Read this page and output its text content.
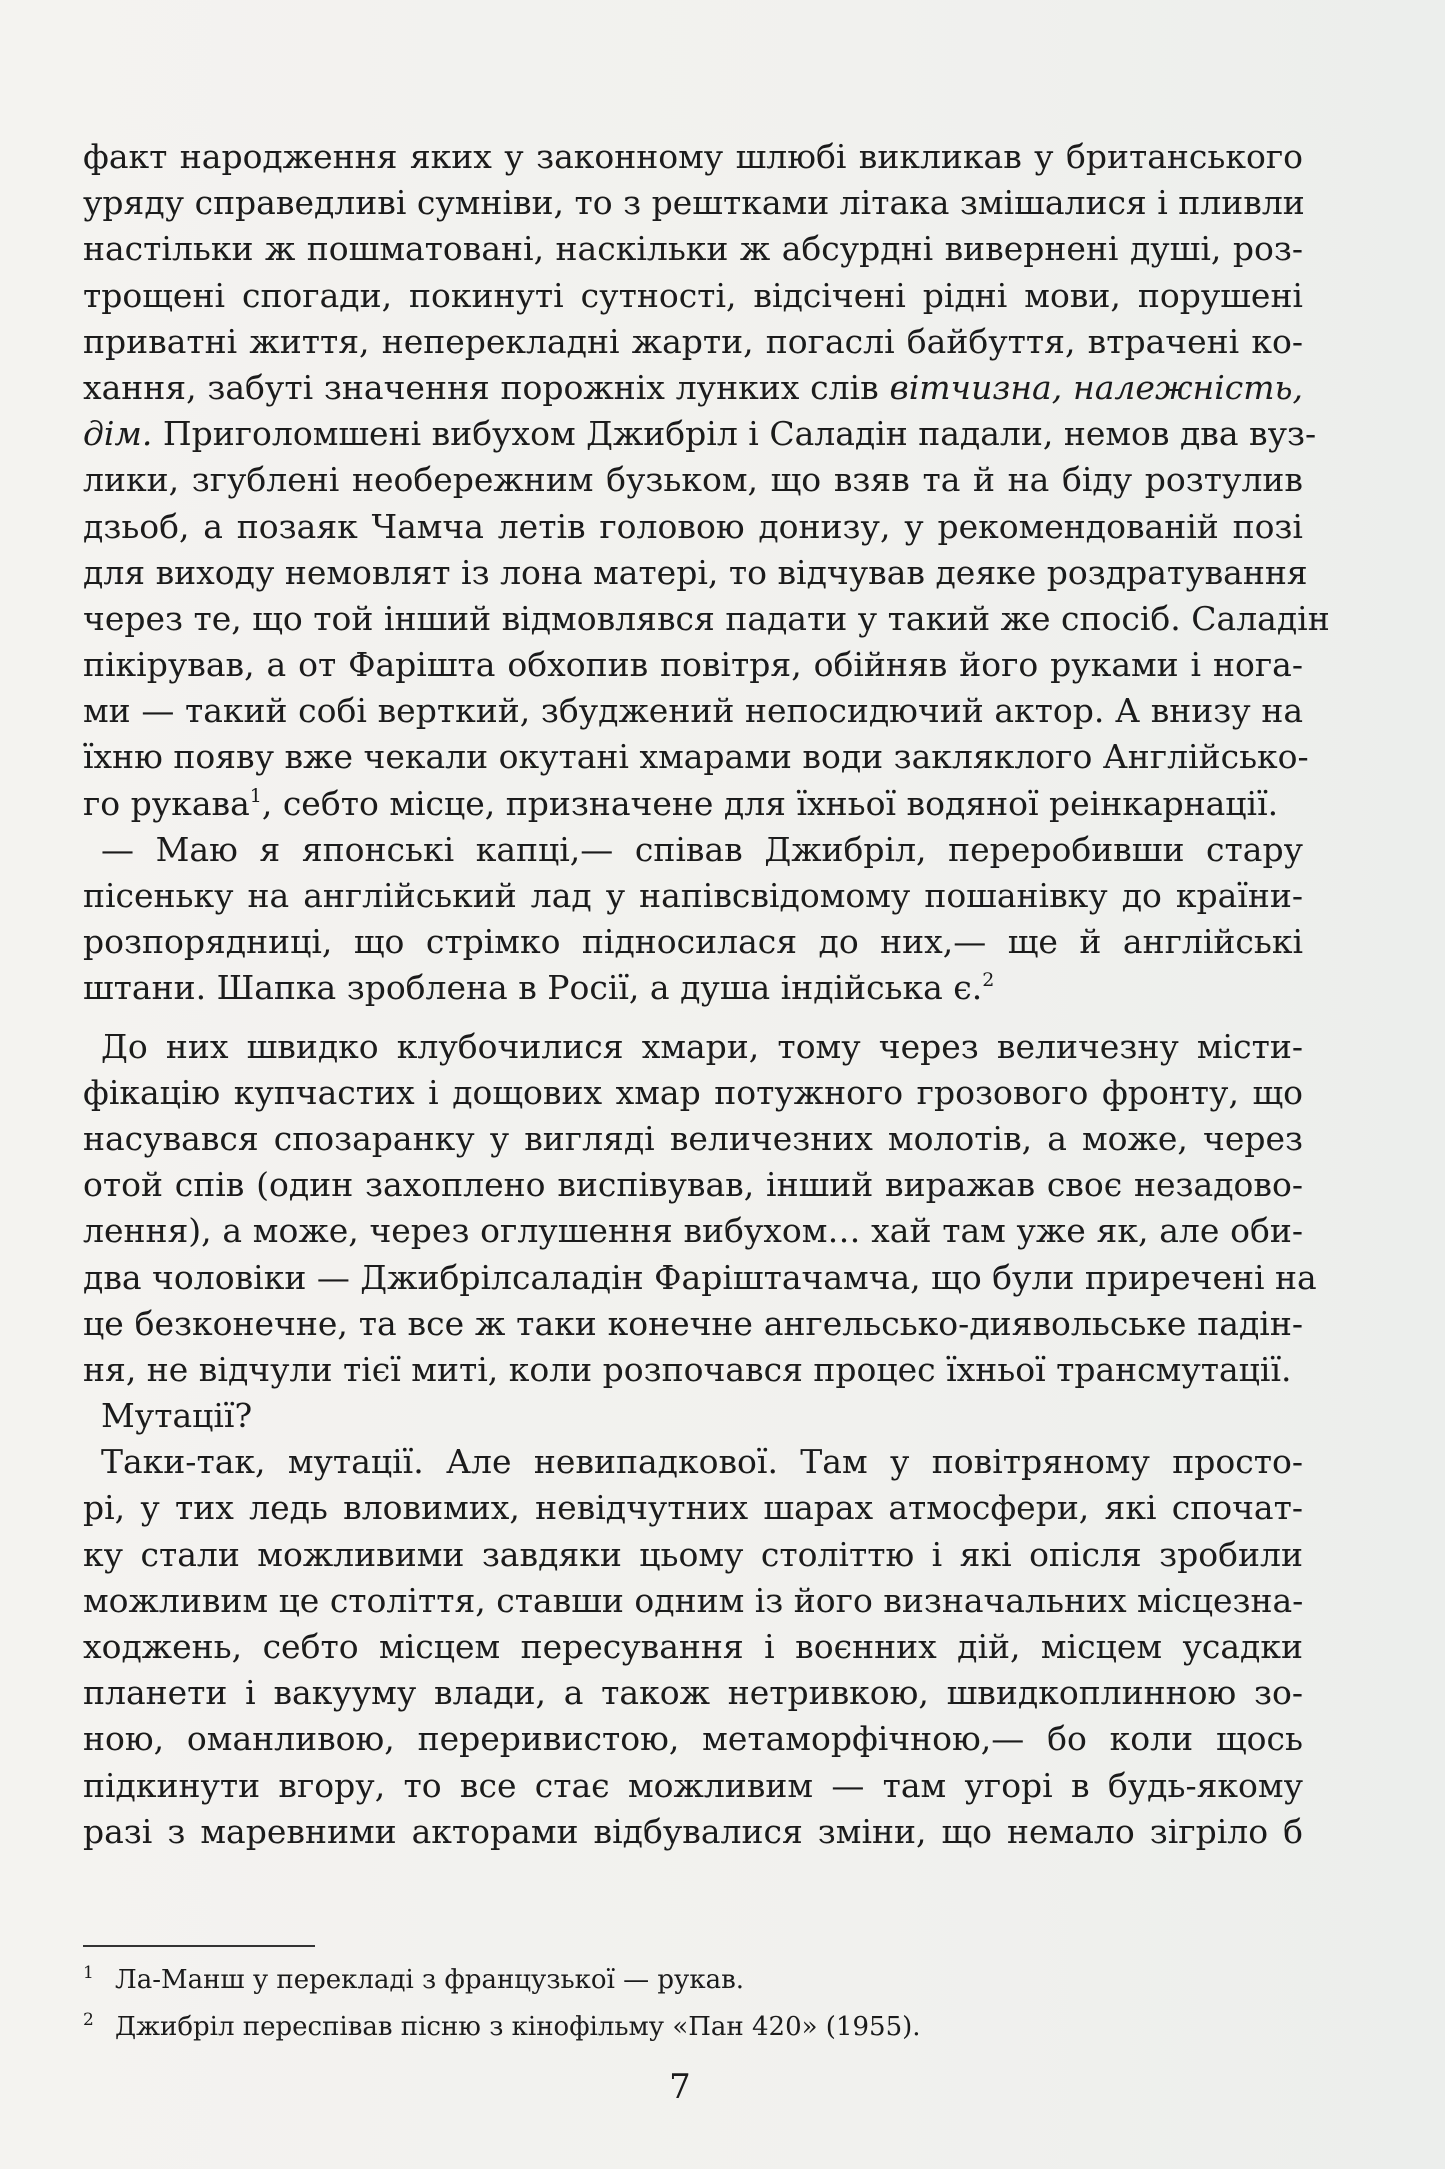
факт народження яких у законному шлюбі викликав у британського
уряду справедливі сумніви, то з рештками літака змішалися і пливли
настільки ж пошматовані, наскільки ж абсурдні вивернені душі, роз-
трощені спогади, покинуті сутності, відсічені рідні мови, порушені
приватні життя, неперекладні жарти, погаслі байбуття, втрачені ко-
хання, забуті значення порожніх лунких слів вітчизна, належність,
дім. Приголомшені вибухом Джибріл і Саладін падали, немов два вуз-
лики, згублені необережним бузьком, що взяв та й на біду розтулив
дзьоб, а позаяк Чамча летів головою донизу, у рекомендованій позі
для виходу немовлят із лона матері, то відчував деяке роздратування
через те, що той інший відмовлявся падати у такий же спосіб. Саладін
пікірував, а от Фарішта обхопив повітря, обійняв його руками і нога-
ми — такий собі верткий, збуджений непосидючий актор. А внизу на
їхню появу вже чекали окутані хмарами води закляклого Англійсько-
го рукава$^1$, себто місце, призначене для їхньої водяної реінкарнації.
— Маю я японські капці,— співав Джибріл, переробивши стару
пісеньку на англійський лад у напівсвідомому пошанівку до країни-
розпорядниці, що стрімко підносилася до них,— ще й англійські
штани. Шапка зроблена в Росії, а душа індійська є.$^2$
До них швидко клубочилися хмари, тому через величезну місти-
фікацію купчастих і дощових хмар потужного грозового фронту, що
насувався спозаранку у вигляді величезних молотів, а може, через
отой спів (один захоплено виспівував, інший виражав своє незадово-
лення), а може, через оглушення вибухом… хай там уже як, але оби-
два чоловіки — Джибрілсаладін Фарiштачамча, що були приречені на
це безконечне, та все ж таки конечне ангельсько-диявольське падін-
ня, не відчули тієї миті, коли розпочався процес їхньої трансмутації.
Мутації?
Таки-так, мутації. Але невипадкової. Там у повітряному просто-
рі, у тих ледь вловимих, невідчутних шарах атмосфери, які спочат-
ку стали можливими завдяки цьому століттю і які опісля зробили
можливим це століття, ставши одним із його визначальних місцезна-
ходжень, себто місцем пересування і воєнних дій, місцем усадки
планети і вакууму влади, а також нетривкою, швидкоплинною зо-
ною, оманливою, переривистою, метаморфічною,— бо коли щось
підкинути вгору, то все стає можливим — там угорі в будь-якому
разі з маревними акторами відбувалися зміни, що немало зігріло б
1 Ла-Манш у перекладі з французької — рукав.
2 Джибріл переспівав пісню з кінофільму «Пан 420» (1955).
7
